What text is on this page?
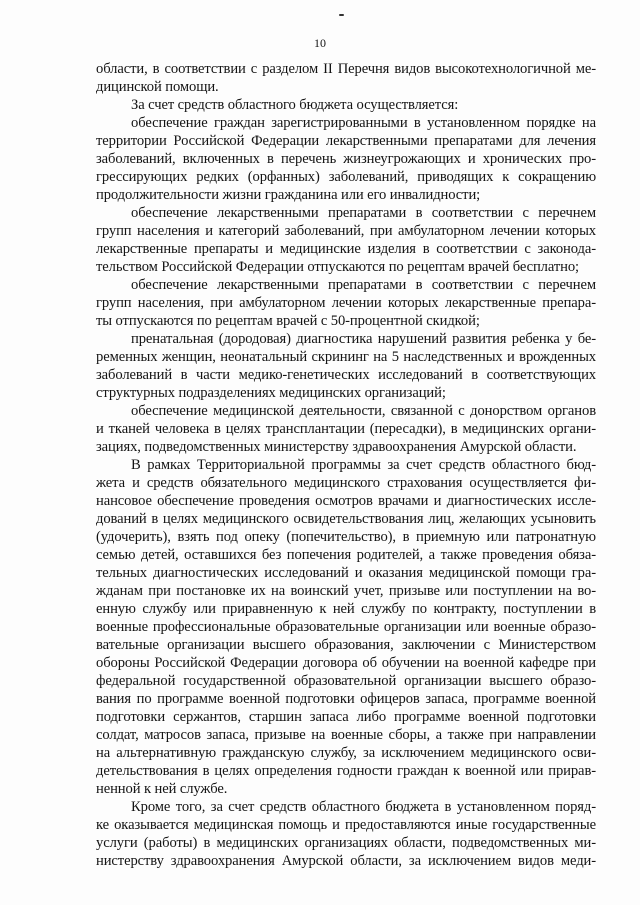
10

области, в соответствии с разделом II Перечня видов высокотехнологичной ме-
дицинской помощи.

За счет средств областного бюджета осуществляется:

обеспечение граждан зарегистрированными в установленном порядке на
территории Российской Федерации лекарственными препаратами для лечения
заболеваний, включенных в перечень жизнеугрожающих и хронических про-
грессирующих редких (орфанных) заболеваний, приводящих к сокращению
продолжительности жизни гражданина или его инвалидности;

обеспечение лекарственными препаратами в соответствии с перечнем
групп населения и категорий заболеваний, при амбулаторном лечении которых
лекарственные препараты и медицинские изделия в соответствии с законода-
тельством Российской Федерации отпускаются по рецептам врачей бесплатно;

обеспечение лекарственными препаратами в соответствии с перечнем
групп населения, при амбулаторном лечении которых лекарственные препара-
ты отпускаются по рецептам врачей с 50-процентной скидкой;

пренатальная (дородовая) диагностика нарушений развития ребенка у бе-
ременных женщин, неонатальный скрининг на 5 наследственных и врожденных
заболеваний в части медико-генетических исследований в соответствующих
структурных подразделениях медицинских организаций;

обеспечение медицинской деятельности, связанной с донорством органов
и тканей человека в целях трансплантации (пересадки), в медицинских органи-
зациях, подведомственных министерству здравоохранения Амурской области.

В рамках Территориальной программы за счет средств областного бюд-
жета и средств обязательного медицинского страхования осуществляется фи-
нансовое обеспечение проведения осмотров врачами и диагностических иссле-
дований в целях медицинского освидетельствования лиц, желающих усыновить
(удочерить), взять под опеку (попечительство), в приемную или патронатную
семью детей, оставшихся без попечения родителей, а также проведения обяза-
тельных диагностических исследований и оказания медицинской помощи гра-
жданам при постановке их на воинский учет, призыве или поступлении на во-
енную службу или приравненную к ней службу по контракту, поступлении в
военные профессиональные образовательные организации или военные образо-
вательные организации высшего образования, заключении с Министерством
обороны Российской Федерации договора об обучении на военной кафедре при
федеральной государственной образовательной организации высшего образо-
вания по программе военной подготовки офицеров запаса, программе военной
подготовки сержантов, старшин запаса либо программе военной подготовки
солдат, матросов запаса, призыве на военные сборы, а также при направлении
на альтернативную гражданскую службу, за исключением медицинского осви-
детельствования в целях определения годности граждан к военной или прирав-
ненной к ней службе.

Кроме того, за счет средств областного бюджета в установленном поряд-
ке оказывается медицинская помощь и предоставляются иные государственные
услуги (работы) в медицинских организациях области, подведомственных ми-
нистерству здравоохранения Амурской области, за исключением видов меди-
